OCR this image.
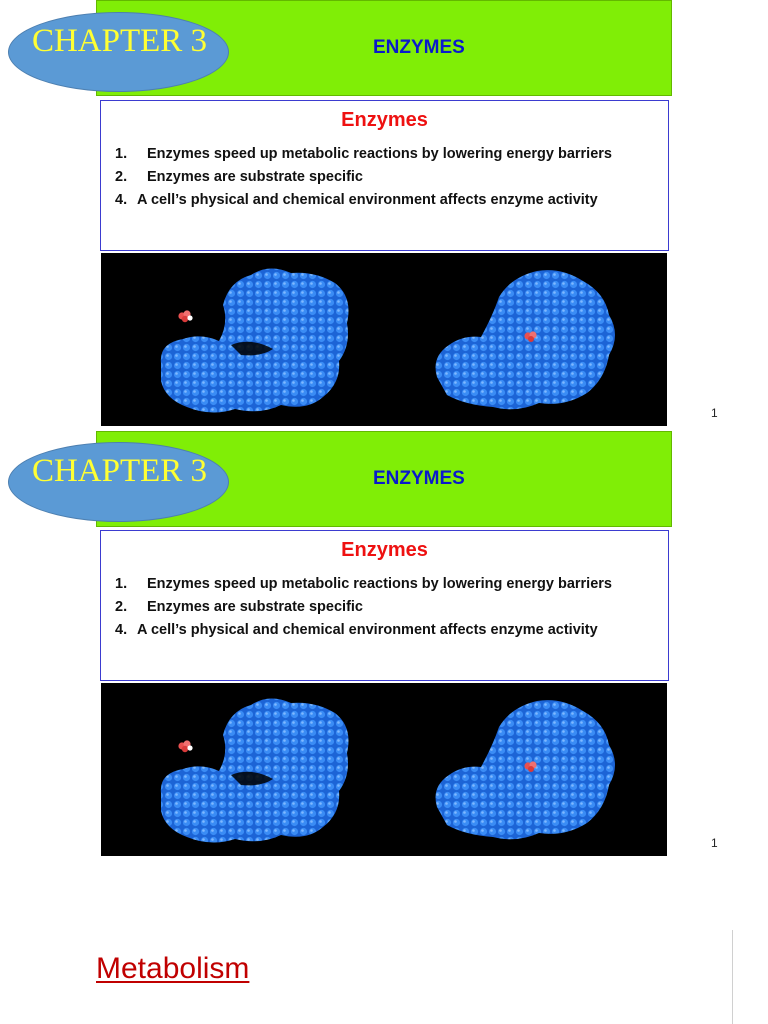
ENZYMES
CHAPTER 3
Enzymes
1.	Enzymes speed up metabolic reactions by lowering energy barriers
2.	Enzymes are substrate specific
4. A cell’s physical and chemical environment affects enzyme activity
1
ENZYMES
CHAPTER 3
Enzymes
1.	Enzymes speed up metabolic reactions by lowering energy barriers
2.	Enzymes are substrate specific
4. A cell’s physical and chemical environment affects enzyme activity
1
Metabolism
